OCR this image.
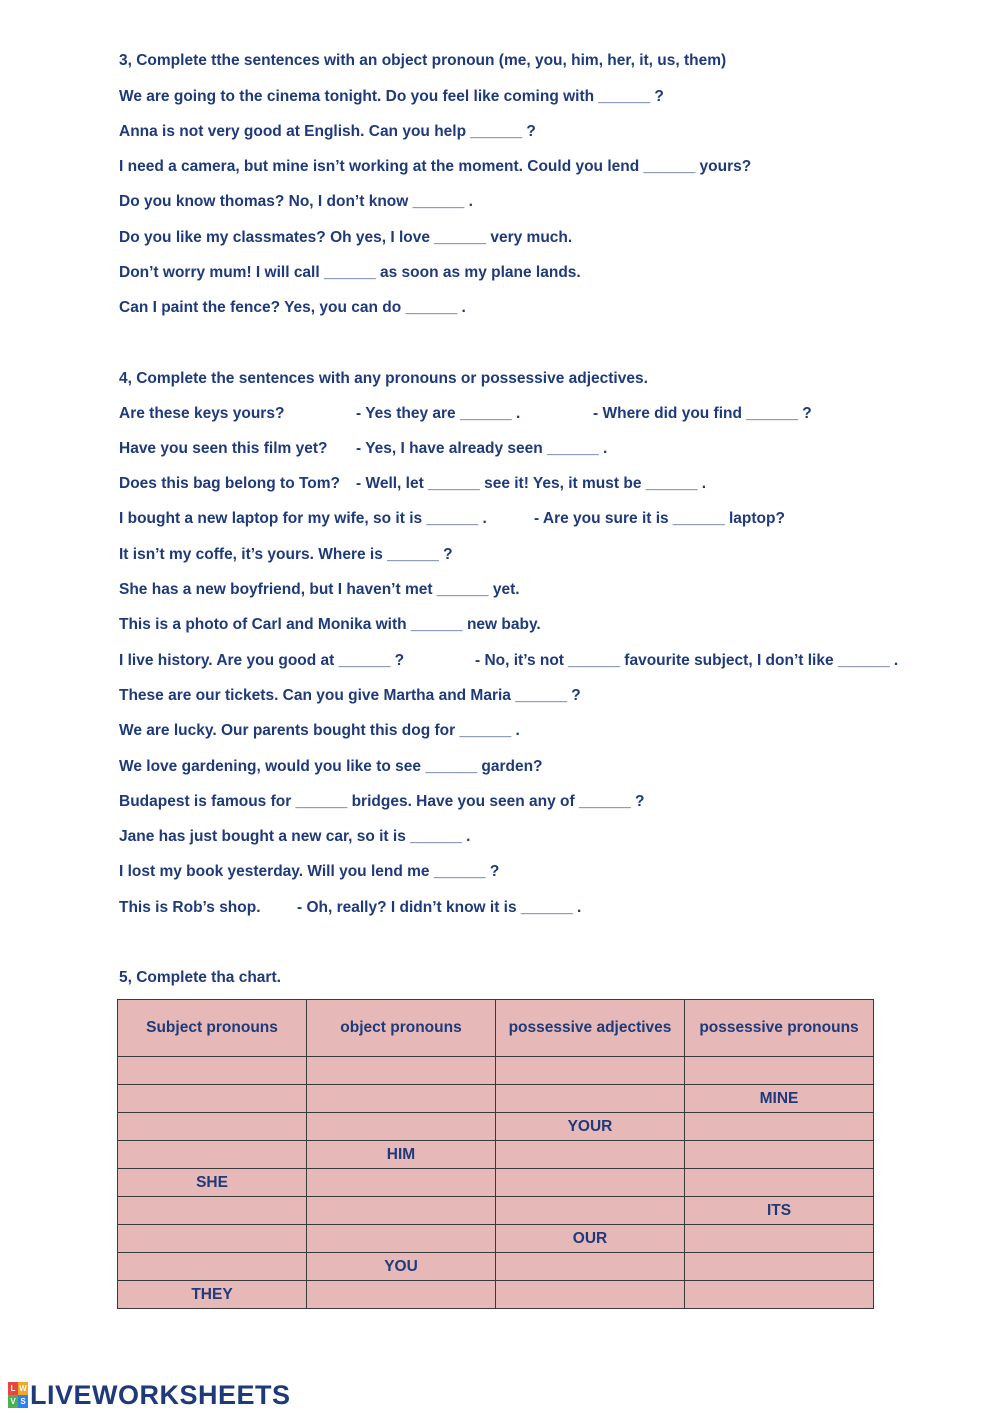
3, Complete tthe sentences with an object pronoun (me, you, him, her, it, us, them)
We are going to the cinema tonight. Do you feel like coming with ______ ?
Anna is not very good at English. Can you help ______ ?
I need a camera, but mine isn’t working at the moment. Could you lend ______ yours?
Do you know thomas? No, I don’t know ______ .
Do you like my classmates? Oh yes, I love ______ very much.
Don’t worry mum! I will call ______ as soon as my plane lands.
Can I paint the fence? Yes, you can do ______ .
4, Complete the sentences with any pronouns or possessive adjectives.

Are these keys yours?

	- Yes they are ______ .

	- Where did you find ______ ?

Have you seen this film yet?

- Yes, I have already seen ______ .

Does this bag belong to Tom?

- Well, let ______ see it! Yes, it must be ______ .

I bought a new laptop for my wife, so it is ______ .

	- Are you sure it is ______ laptop?

It isn’t my coffe, it’s yours. Where is ______ ?
She has a new boyfriend, but I haven’t met ______ yet.
This is a photo of Carl and Monika with ______ new baby.

I live history. Are you good at ______ ?

	- No, it’s not ______ favourite subject, I don’t like ______ .

These are our tickets. Can you give Martha and Maria ______ ?
We are lucky. Our parents bought this dog for ______ .
We love gardening, would you like to see ______ garden?
Budapest is famous for ______ bridges. Have you seen any of ______ ?
Jane has just bought a new car, so it is ______ .
I lost my book yesterday. Will you lend me ______ ?

This is Rob’s shop.

- Oh, really? I didn’t know it is ______ .

5, Complete tha chart.
Subject pronouns	object pronouns	possessive adjectives	possessive pronouns

			MINE
		YOUR	
	HIM		
SHE			
			ITS
		OUR	
	YOU		
THEY			
L W
V S LIVEWORKSHEETS
